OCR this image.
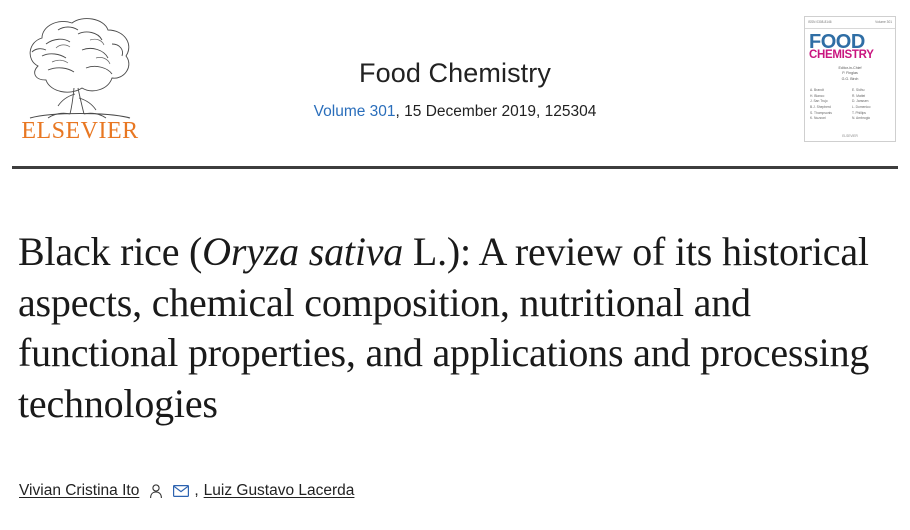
ELSEVIER
Food Chemistry
Volume 301, 15 December 2019, 125304
ISSN 0308-8146	Volume 301
FOOD
CHEMISTRY
Editor-in-Chief
P. Finglas
G.G. Birch
A. Brandt
H. Blanco
J. San Trujo
B.J. Shepherd
S. Thompsonis
K. Nuzzoni
E. Sidhu
R. Mattei
D. Janssen
L. Domenico
T. Phillips
N. Ambrogio
ELSEVIER
Black rice (Oryza sativa L.): A review of its historical aspects, chemical composition, nutritional and functional properties, and applications and processing technologies
Vivian Cristina Ito	, Luiz Gustavo Lacerda
